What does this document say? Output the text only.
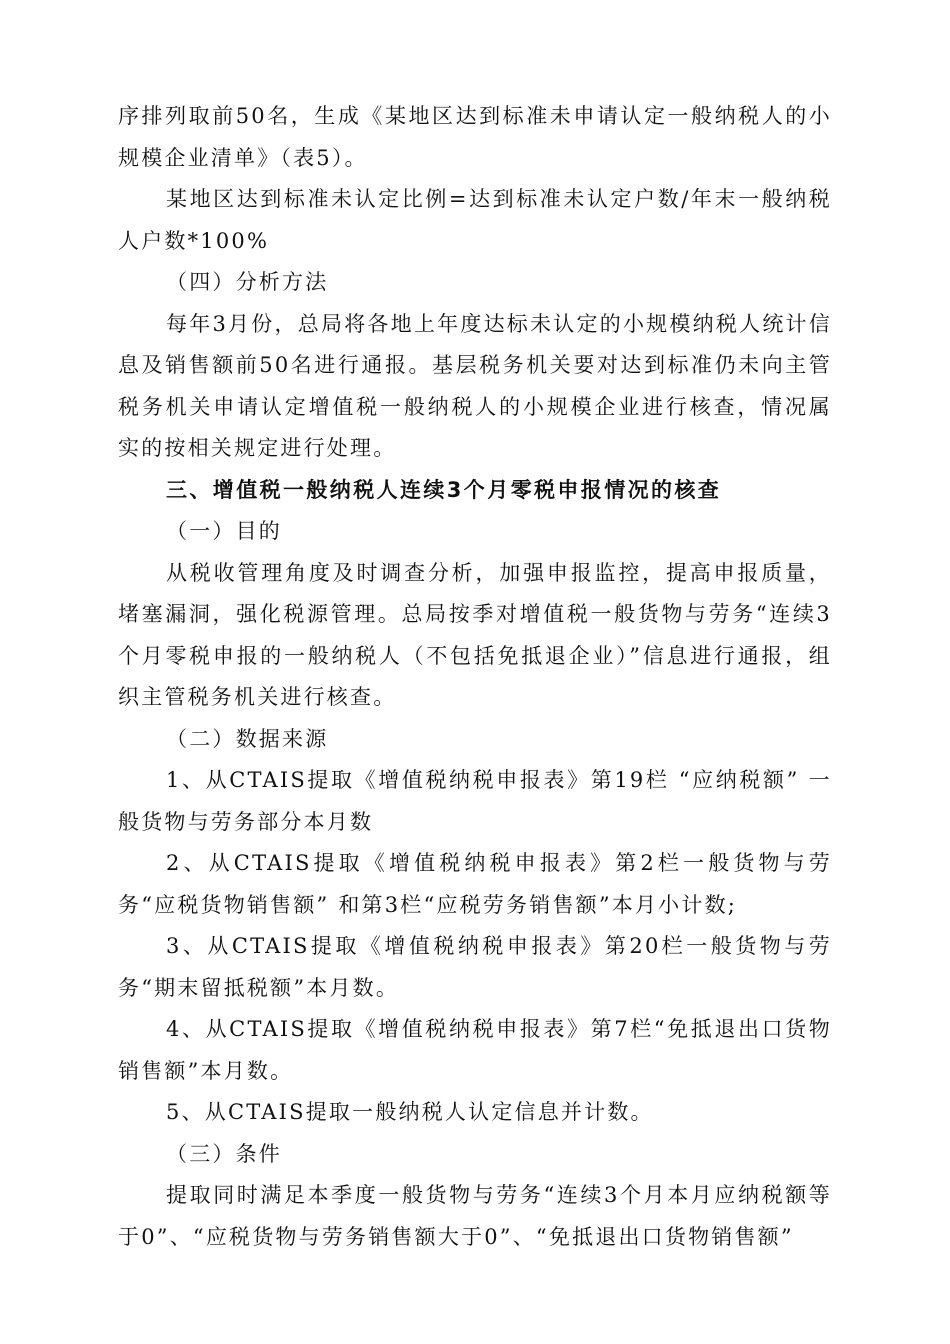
序排列取前50名，生成《某地区达到标准未申请认定一般纳税人的小规模企业清单》（表5）。

某地区达到标准未认定比例=达到标准未认定户数/年末一般纳税人户数*100%

（四）分析方法

每年3月份，总局将各地上年度达标未认定的小规模纳税人统计信息及销售额前50名进行通报。基层税务机关要对达到标准仍未向主管税务机关申请认定增值税一般纳税人的小规模企业进行核查，情况属实的按相关规定进行处理。

三、增值税一般纳税人连续3个月零税申报情况的核查

（一）目的

从税收管理角度及时调查分析，加强申报监控，提高申报质量，堵塞漏洞，强化税源管理。总局按季对增值税一般货物与劳务“连续3个月零税申报的一般纳税人（不包括免抵退企业）”信息进行通报，组织主管税务机关进行核查。

（二）数据来源

1、从CTAIS提取《增值税纳税申报表》第19栏 “应纳税额” 一般货物与劳务部分本月数

2、从CTAIS提取《增值税纳税申报表》第2栏一般货物与劳务“应税货物销售额” 和第3栏“应税劳务销售额”本月小计数;

3、从CTAIS提取《增值税纳税申报表》第20栏一般货物与劳务“期末留抵税额”本月数。

4、从CTAIS提取《增值税纳税申报表》第7栏“免抵退出口货物销售额”本月数。

5、从CTAIS提取一般纳税人认定信息并计数。

（三）条件

提取同时满足本季度一般货物与劳务“连续3个月本月应纳税额等于0”、“应税货物与劳务销售额大于0”、“免抵退出口货物销售额”
